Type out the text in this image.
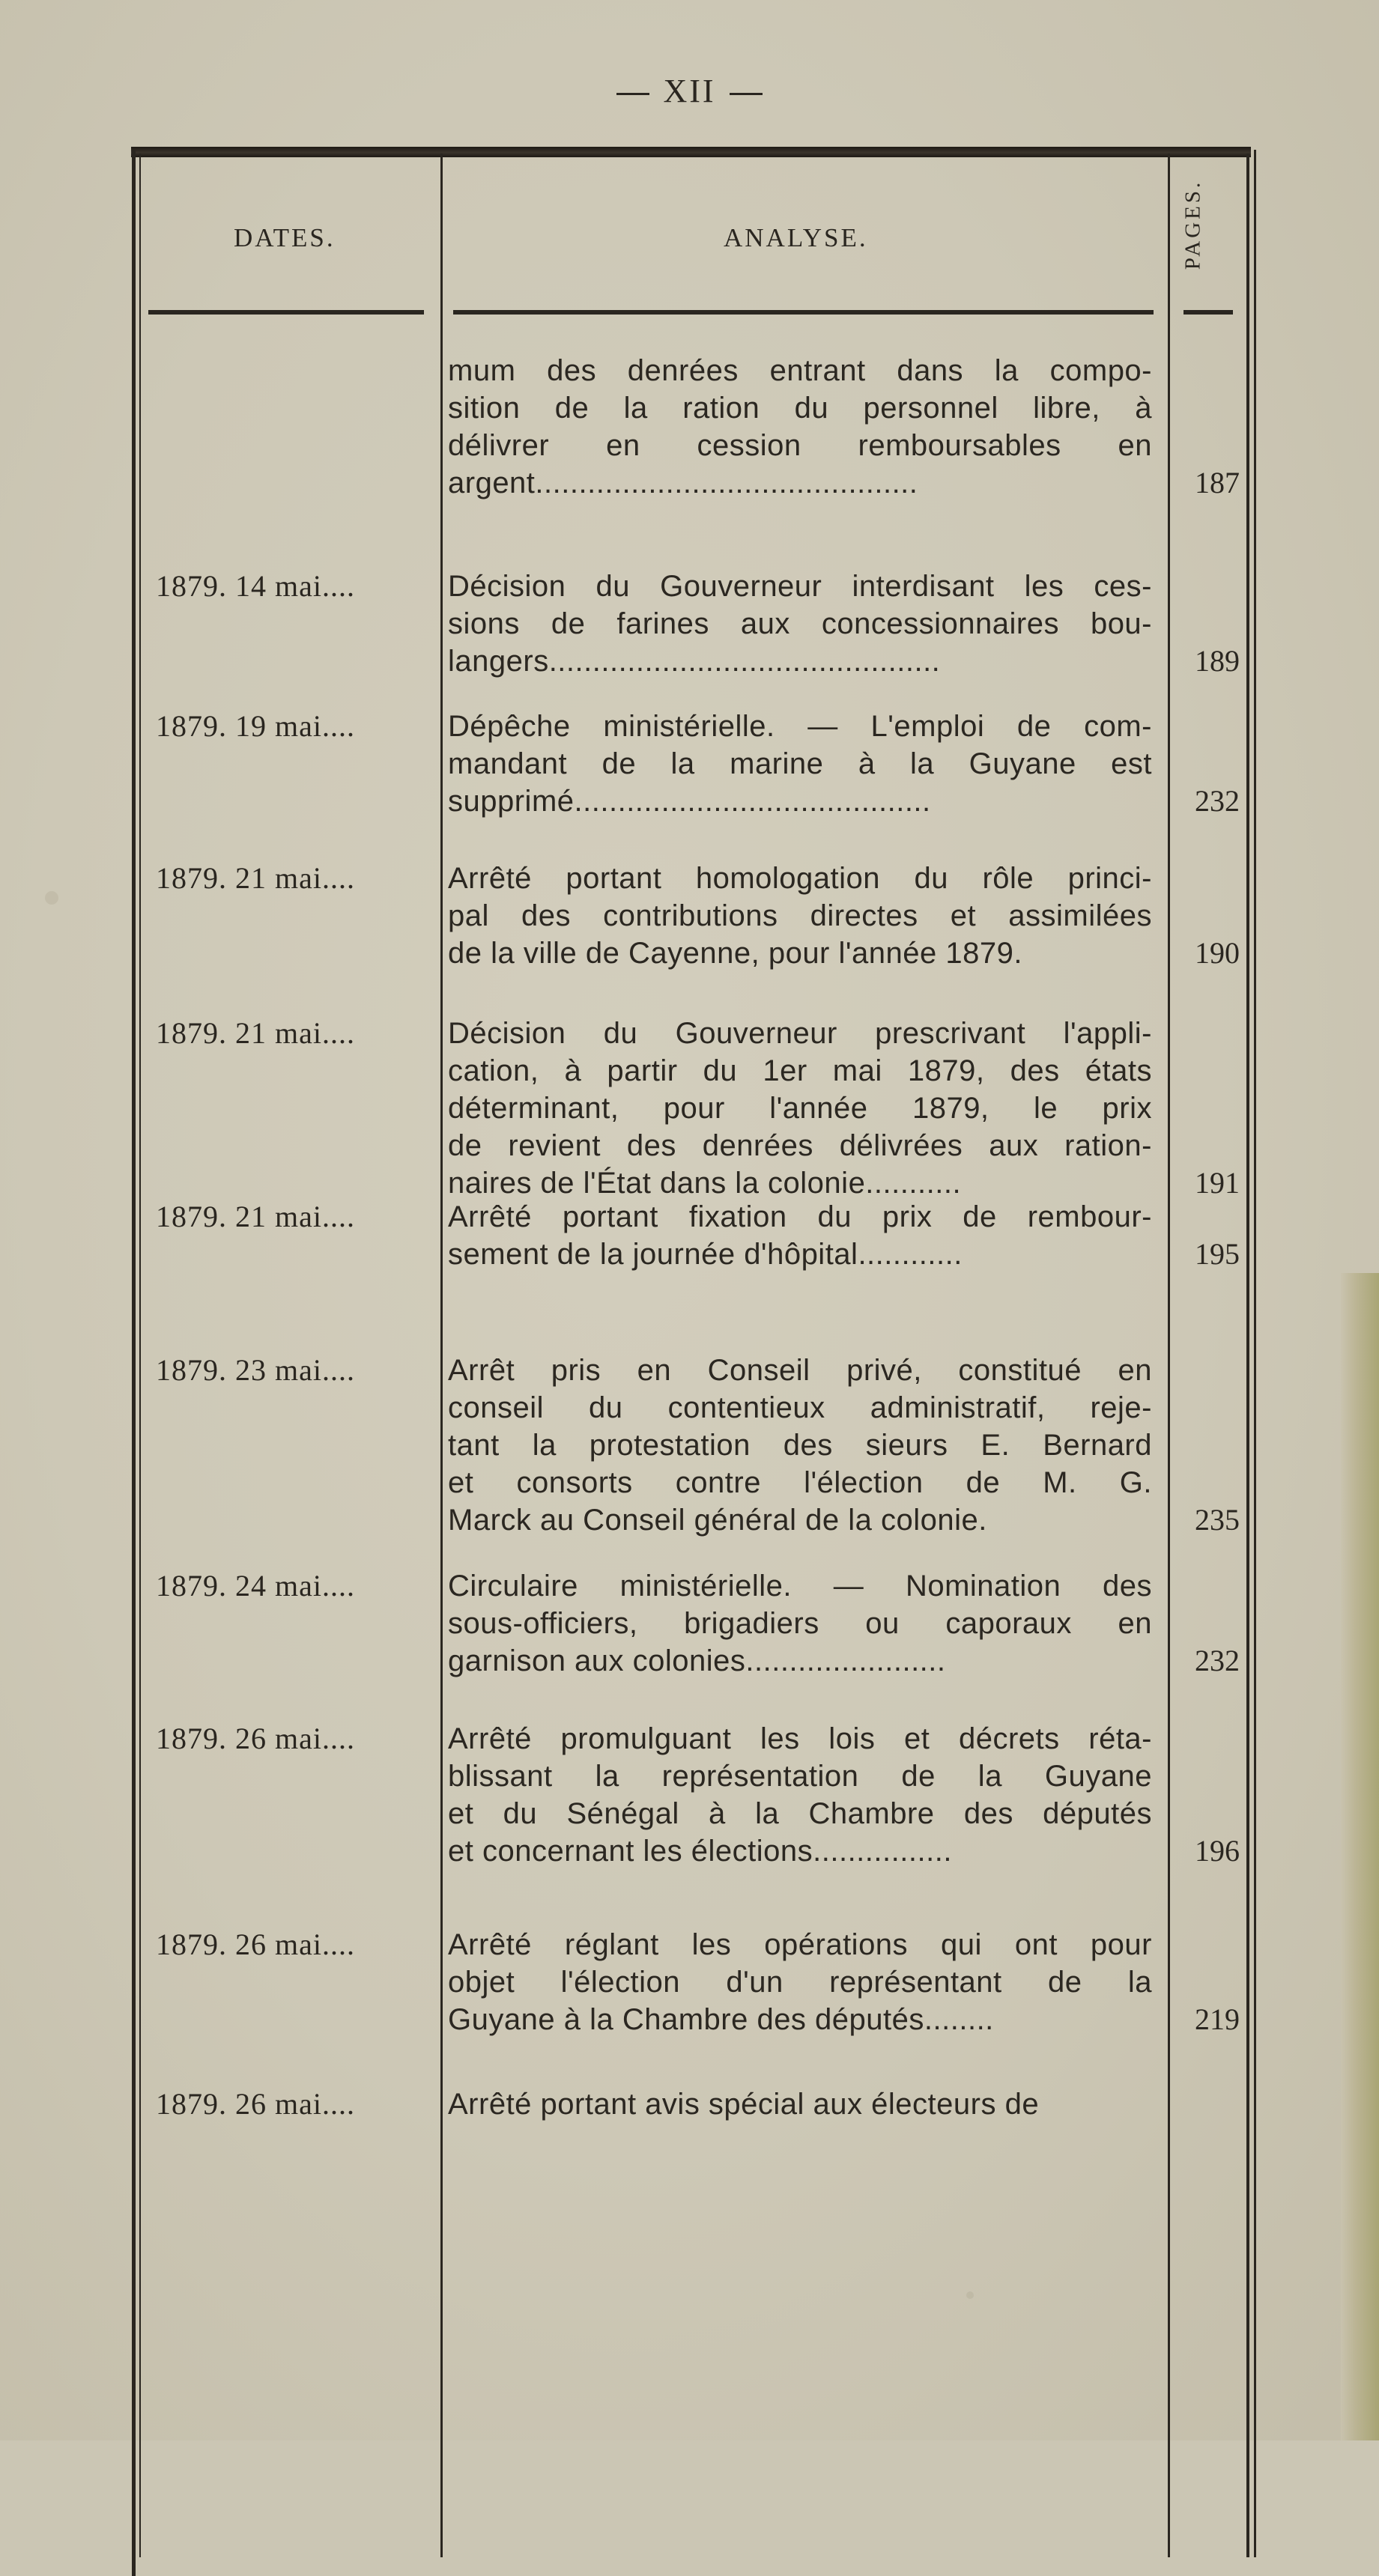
XII
DATES.	ANALYSE.	PAGES.
mum des denrées entrant dans la compo-
sition de la ration du personnel libre, à
délivrer en cession remboursables en
argent............................................	187
1879. 14 mai....	Décision du Gouverneur interdisant les ces-
sions de farines aux concessionnaires bou-
langers.............................................	189
1879. 19 mai....	Dépêche ministérielle. — L'emploi de com-
mandant de la marine à la Guyane est
supprimé.........................................	232
1879. 21 mai....	Arrêté portant homologation du rôle princi-
pal des contributions directes et assimilées
de la ville de Cayenne, pour l'année 1879.	190
1879. 21 mai....	Décision du Gouverneur prescrivant l'appli-
cation, à partir du 1er mai 1879, des états
déterminant, pour l'année 1879, le prix
de revient des denrées délivrées aux ration-
naires de l'État dans la colonie...........	191
1879. 21 mai....	Arrêté portant fixation du prix de rembour-
sement de la journée d'hôpital............	195
1879. 23 mai....	Arrêt pris en Conseil privé, constitué en
conseil du contentieux administratif, reje-
tant la protestation des sieurs E. Bernard
et consorts contre l'élection de M. G.
Marck au Conseil général de la colonie.	235
1879. 24 mai....	Circulaire ministérielle. — Nomination des
sous-officiers, brigadiers ou caporaux en
garnison aux colonies.......................	232
1879. 26 mai....	Arrêté promulguant les lois et décrets réta-
blissant la représentation de la Guyane
et du Sénégal à la Chambre des députés
et concernant les élections................	196
1879. 26 mai....	Arrêté réglant les opérations qui ont pour
objet l'élection d'un représentant de la
Guyane à la Chambre des députés........	219
1879. 26 mai....	Arrêté portant avis spécial aux électeurs de
